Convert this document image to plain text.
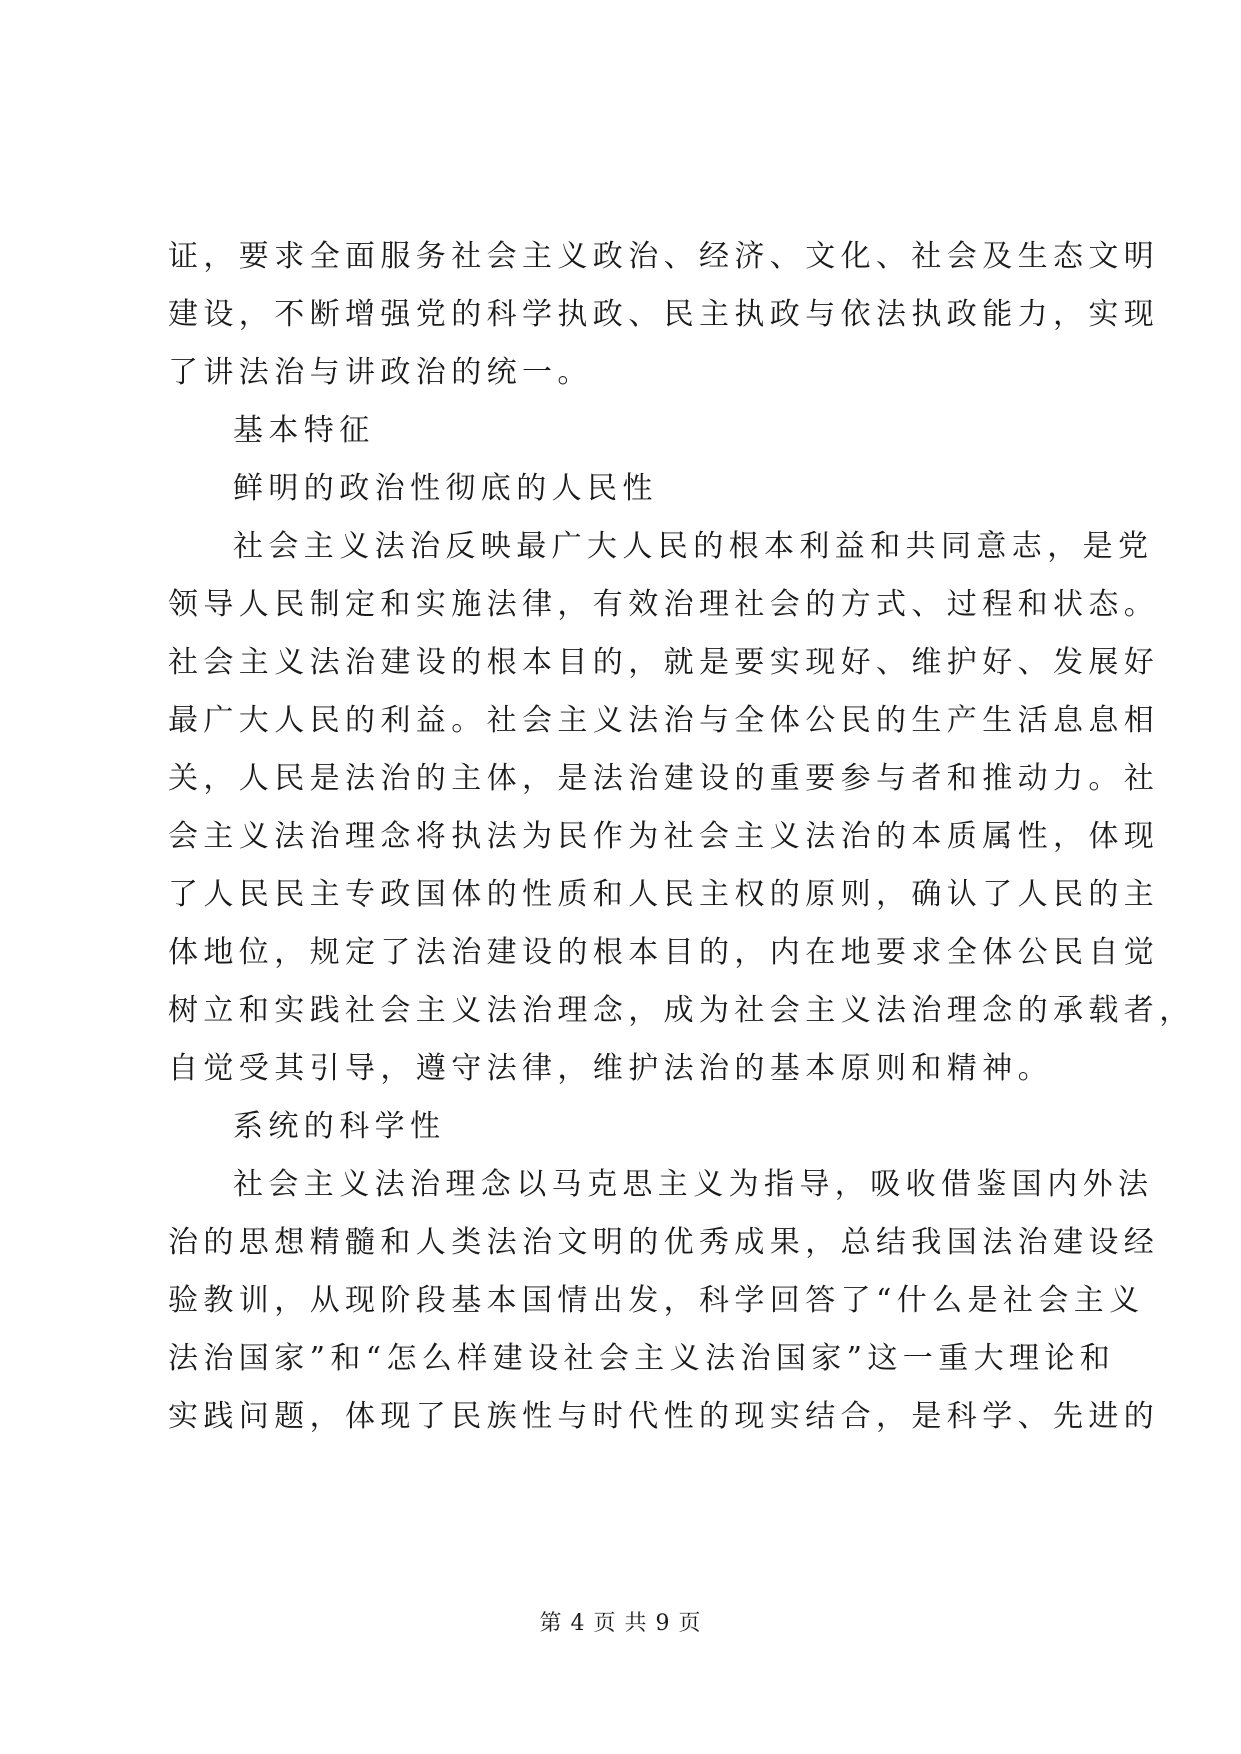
证，要求全面服务社会主义政治、经济、文化、社会及生态文明
建设，不断增强党的科学执政、民主执政与依法执政能力，实现
了讲法治与讲政治的统一。
基本特征
鲜明的政治性彻底的人民性
社会主义法治反映最广大人民的根本利益和共同意志，是党
领导人民制定和实施法律，有效治理社会的方式、过程和状态。
社会主义法治建设的根本目的，就是要实现好、维护好、发展好
最广大人民的利益。社会主义法治与全体公民的生产生活息息相
关，人民是法治的主体，是法治建设的重要参与者和推动力。社
会主义法治理念将执法为民作为社会主义法治的本质属性，体现
了人民民主专政国体的性质和人民主权的原则，确认了人民的主
体地位，规定了法治建设的根本目的，内在地要求全体公民自觉
树立和实践社会主义法治理念，成为社会主义法治理念的承载者，
自觉受其引导，遵守法律，维护法治的基本原则和精神。
系统的科学性
社会主义法治理念以马克思主义为指导，吸收借鉴国内外法
治的思想精髓和人类法治文明的优秀成果，总结我国法治建设经
验教训，从现阶段基本国情出发，科学回答了“什么是社会主义
法治国家”和“怎么样建设社会主义法治国家”这一重大理论和
实践问题，体现了民族性与时代性的现实结合，是科学、先进的
第 4 页 共 9 页
